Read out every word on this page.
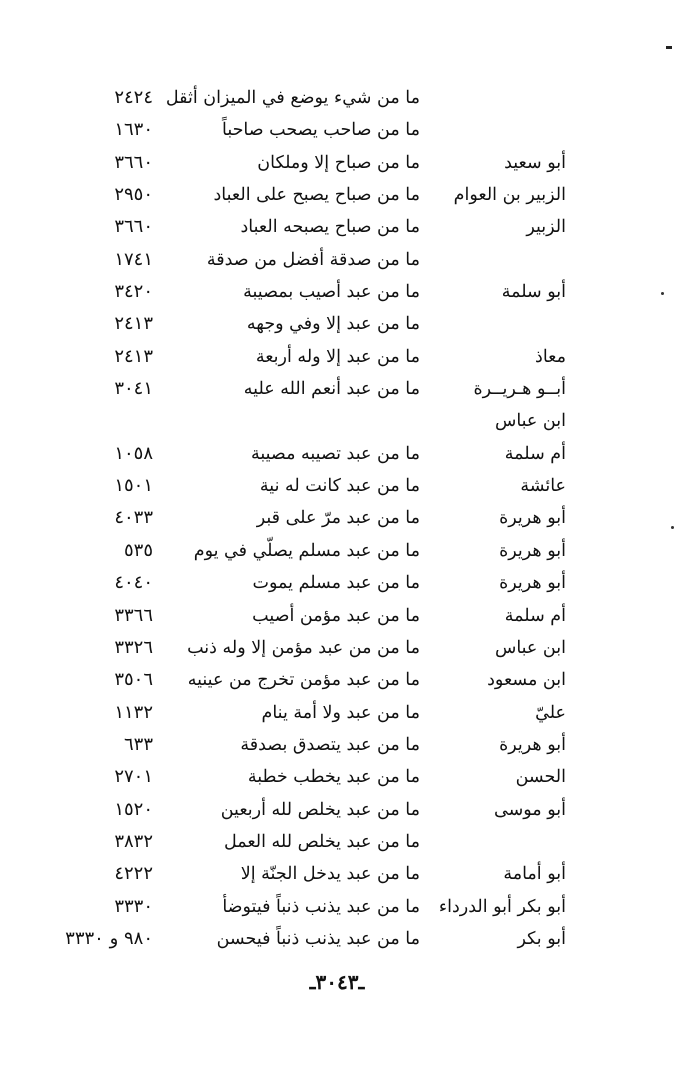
ما من شيء يوضع في الميزان أثقل
٢٤٢٤
ما من صاحب يصحب صاحباً
١٦٣٠
أبو سعيد
ما من صباح إلا وملكان
٣٦٦٠
الزبير بن العوام
ما من صباح يصبح على العباد
٢٩٥٠
الزبير
ما من صباح يصبحه العباد
٣٦٦٠
ما من صدقة أفضل من صدقة
١٧٤١
أبو سلمة
ما من عبد أصيب بمصيبة
٣٤٢٠
ما من عبد إلا وفي وجهه
٢٤١٣
معاذ
ما من عبد إلا وله أربعة
٢٤١٣
أبــو هـريــرة
ما من عبد أنعم الله عليه
٣٠٤١
ابن عباس
أم سلمة
ما من عبد تصيبه مصيبة
١٠٥٨
عائشة
ما من عبد كانت له نية
١٥٠١
أبو هريرة
ما من عبد مرّ على قبر
٤٠٣٣
أبو هريرة
ما من عبد مسلم يصلّي في يوم
٥٣٥
أبو هريرة
ما من عبد مسلم يموت
٤٠٤٠
أم سلمة
ما من عبد مؤمن أصيب
٣٣٦٦
ابن عباس
ما من من عبد مؤمن إلا وله ذنب
٣٣٢٦
ابن مسعود
ما من عبد مؤمن تخرج من عينيه
٣٥٠٦
عليّ
ما من عبد ولا أمة ينام
١١٣٢
أبو هريرة
ما من عبد يتصدق بصدقة
٦٣٣
الحسن
ما من عبد يخطب خطبة
٢٧٠١
أبو موسى
ما من عبد يخلص لله أربعين
١٥٢٠
ما من عبد يخلص لله العمل
٣٨٣٢
أبو أمامة
ما من عبد يدخل الجنّة إلا
٤٢٢٢
أبو بكر أبو الدرداء
ما من عبد يذنب ذنباً فيتوضأ
٣٣٣٠
أبو بكر
ما من عبد يذنب ذنباً فيحسن
٩٨٠ و ٣٣٣٠
ـ٣٠٤٣ـ
